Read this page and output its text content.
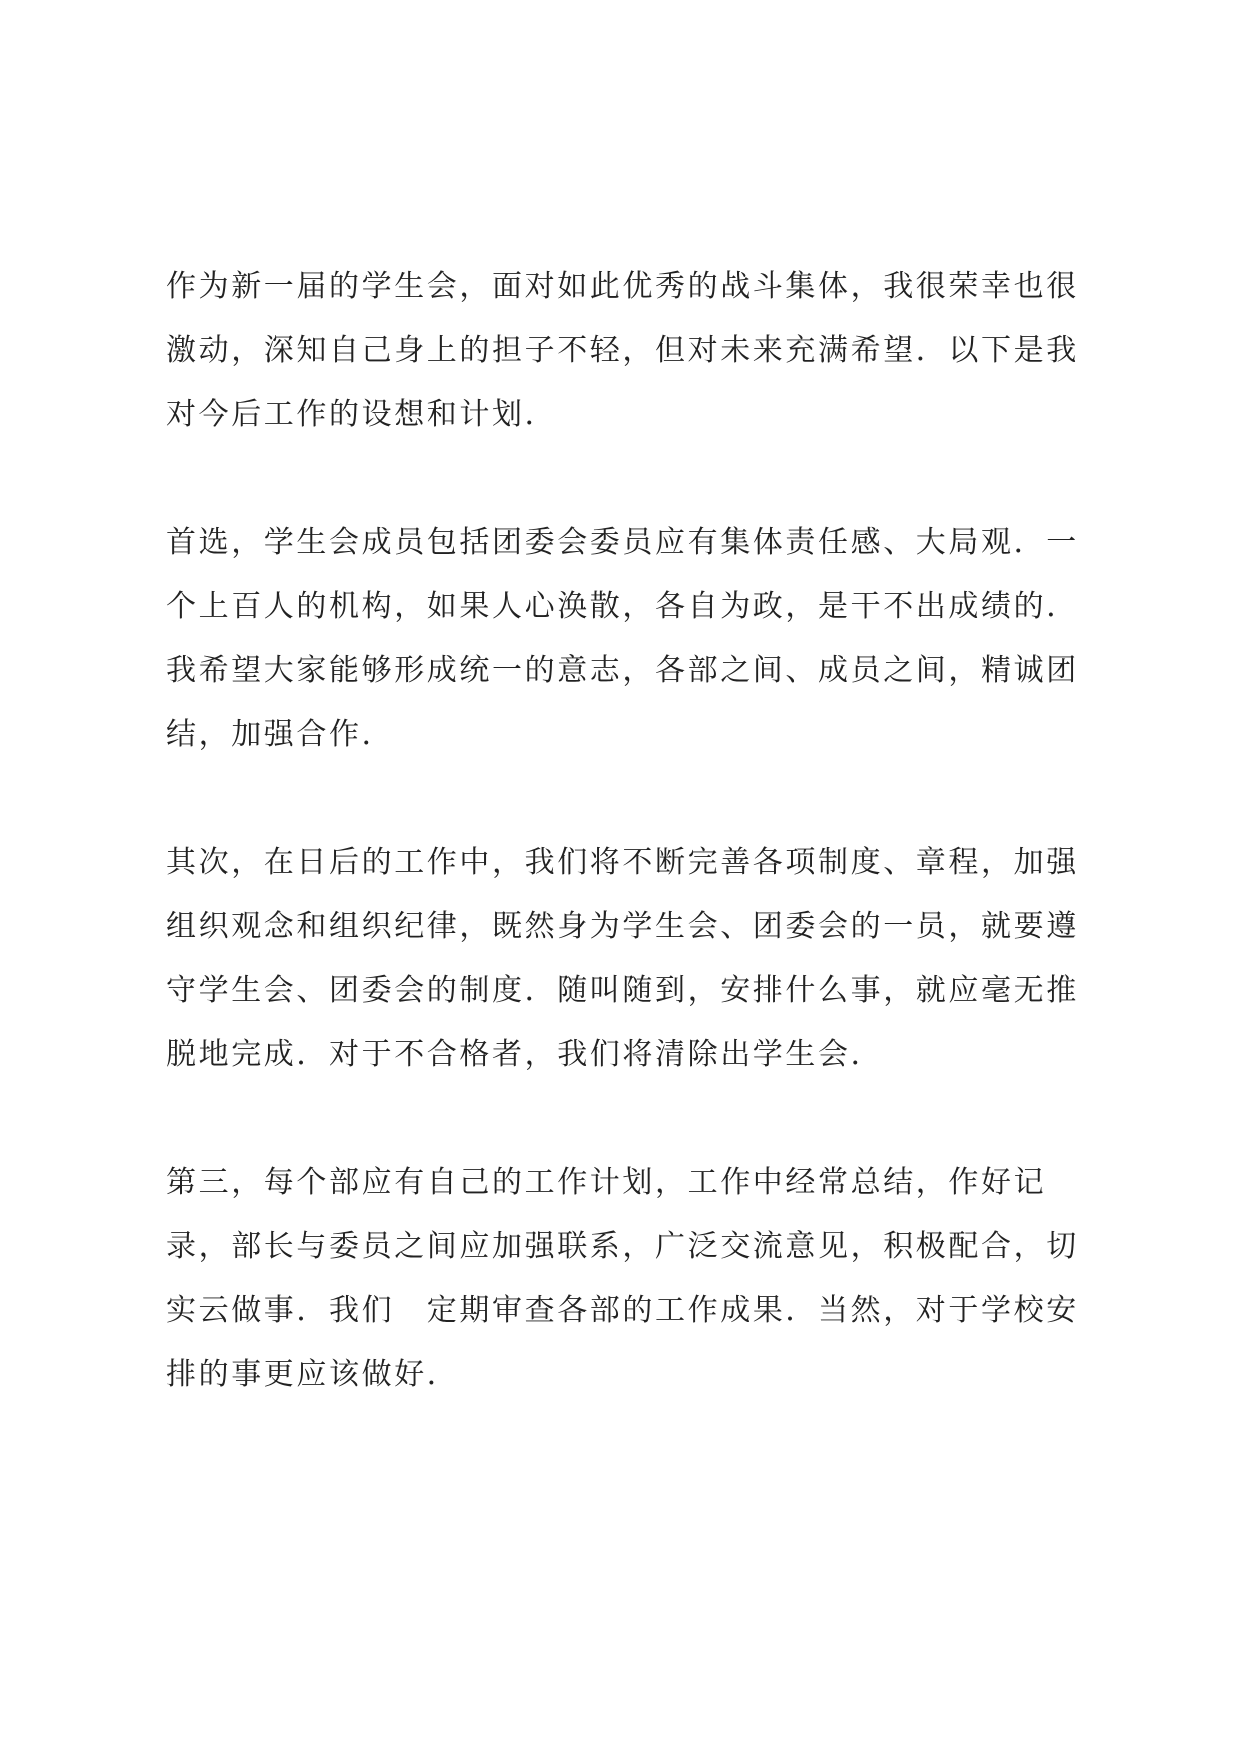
作为新一届的学生会，面对如此优秀的战斗集体，我很荣幸也很激动，深知自己身上的担子不轻，但对未来充满希望．以下是我对今后工作的设想和计划．

首选，学生会成员包括团委会委员应有集体责任感、大局观．一个上百人的机构，如果人心涣散，各自为政，是干不出成绩的．我希望大家能够形成统一的意志，各部之间、成员之间，精诚团结，加强合作．

其次，在日后的工作中，我们将不断完善各项制度、章程，加强组织观念和组织纪律，既然身为学生会、团委会的一员，就要遵守学生会、团委会的制度．随叫随到，安排什么事，就应毫无推脱地完成．对于不合格者，我们将清除出学生会．

第三，每个部应有自己的工作计划，工作中经常总结，作好记录，部长与委员之间应加强联系，广泛交流意见，积极配合，切实云做事．我们　定期审查各部的工作成果．当然，对于学校安排的事更应该做好．
